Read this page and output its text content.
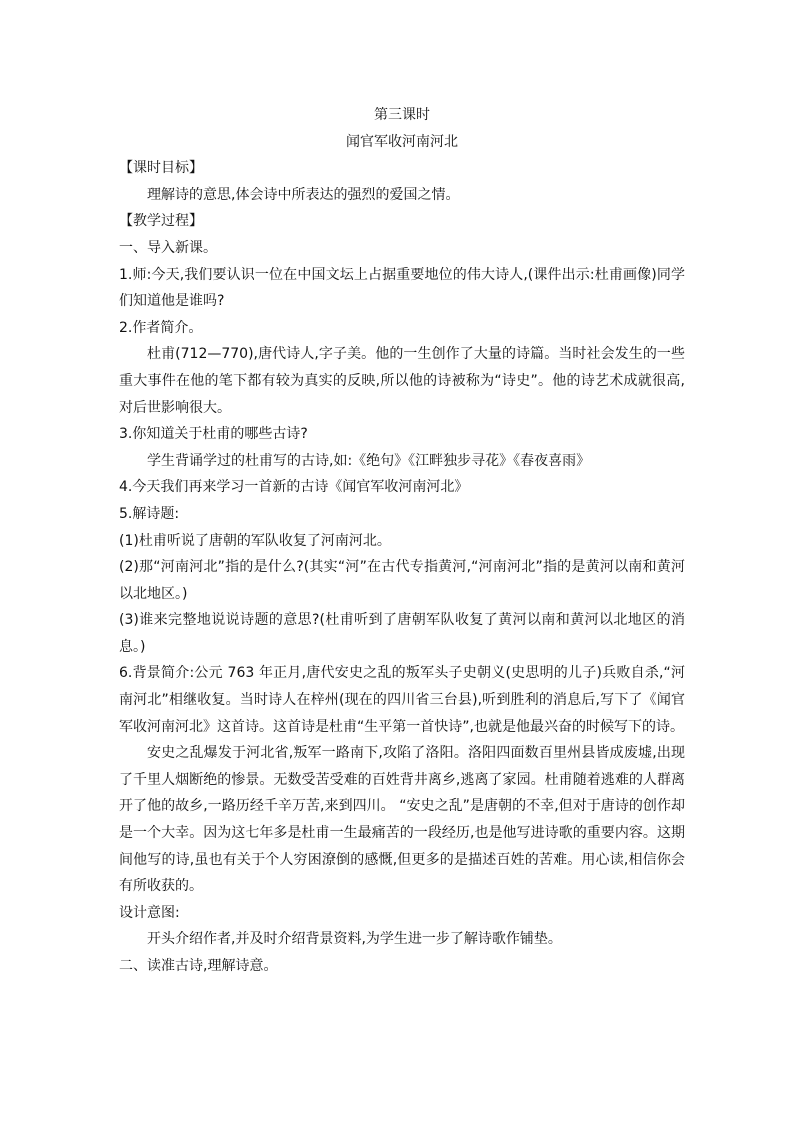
第三课时

闻官军收河南河北

【课时目标】

理解诗的意思,体会诗中所表达的强烈的爱国之情。

【教学过程】

一、导入新课。

1.师:今天,我们要认识一位在中国文坛上占据重要地位的伟大诗人,(课件出示:杜甫画像)同学们知道他是谁吗?

2.作者简介。

杜甫(712—770),唐代诗人,字子美。他的一生创作了大量的诗篇。当时社会发生的一些重大事件在他的笔下都有较为真实的反映,所以他的诗被称为“诗史”。他的诗艺术成就很高,对后世影响很大。

3.你知道关于杜甫的哪些古诗?

学生背诵学过的杜甫写的古诗,如:《绝句》《江畔独步寻花》《春夜喜雨》

4.今天我们再来学习一首新的古诗《闻官军收河南河北》

5.解诗题:

(1)杜甫听说了唐朝的军队收复了河南河北。

(2)那“河南河北”指的是什么?(其实“河”在古代专指黄河,“河南河北”指的是黄河以南和黄河以北地区。)

(3)谁来完整地说说诗题的意思?(杜甫听到了唐朝军队收复了黄河以南和黄河以北地区的消息。)

6.背景简介:公元 763 年正月,唐代安史之乱的叛军头子史朝义(史思明的儿子)兵败自杀,“河南河北”相继收复。当时诗人在梓州(现在的四川省三台县),听到胜利的消息后,写下了《闻官军收河南河北》这首诗。这首诗是杜甫“生平第一首快诗”,也就是他最兴奋的时候写下的诗。

安史之乱爆发于河北省,叛军一路南下,攻陷了洛阳。洛阳四面数百里州县皆成废墟,出现了千里人烟断绝的惨景。无数受苦受难的百姓背井离乡,逃离了家园。杜甫随着逃难的人群离开了他的故乡,一路历经千辛万苦,来到四川。 “安史之乱”是唐朝的不幸,但对于唐诗的创作却是一个大幸。因为这七年多是杜甫一生最痛苦的一段经历,也是他写进诗歌的重要内容。这期间他写的诗,虽也有关于个人穷困潦倒的感慨,但更多的是描述百姓的苦难。用心读,相信你会有所收获的。

设计意图:

开头介绍作者,并及时介绍背景资料,为学生进一步了解诗歌作铺垫。

二、读准古诗,理解诗意。
